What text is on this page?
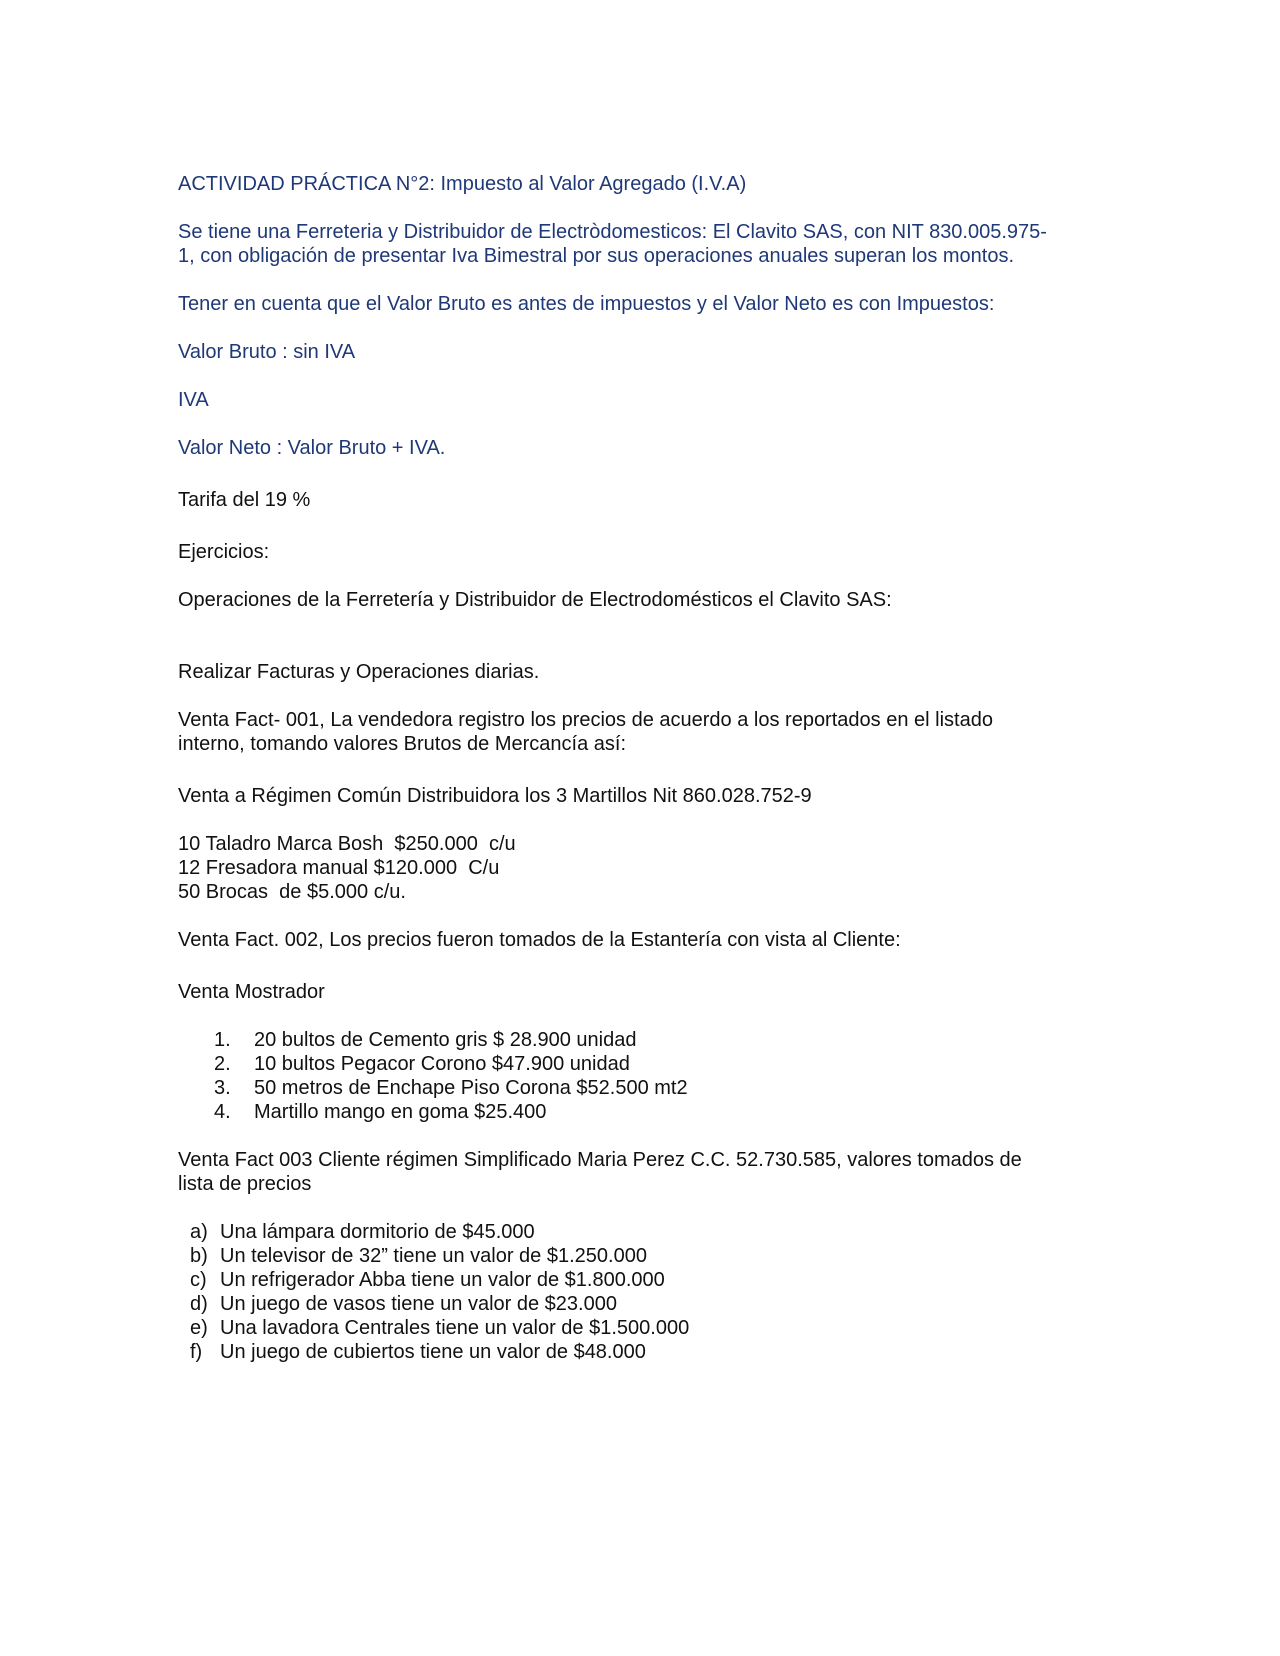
ACTIVIDAD PRÁCTICA N°2: Impuesto al Valor Agregado (I.V.A)

Se tiene una Ferreteria y Distribuidor de Electròdomesticos: El Clavito SAS, con NIT 830.005.975-

1, con obligación de presentar Iva Bimestral por sus operaciones anuales superan los montos.

Tener en cuenta que el Valor Bruto es antes de impuestos y el Valor Neto es con Impuestos:

Valor Bruto : sin IVA

IVA

Valor Neto : Valor Bruto + IVA.

Tarifa del 19 %

Ejercicios:

Operaciones de la Ferretería y Distribuidor de Electrodomésticos el Clavito SAS:

Realizar Facturas y Operaciones diarias.

Venta Fact- 001, La vendedora registro los precios de acuerdo a los reportados en el listado

interno, tomando valores Brutos de Mercancía así:

Venta a Régimen Común Distribuidora los 3 Martillos Nit 860.028.752-9

10 Taladro Marca Bosh  $250.000  c/u

12 Fresadora manual $120.000  C/u

50 Brocas  de $5.000 c/u.

Venta Fact. 002, Los precios fueron tomados de la Estantería con vista al Cliente:

Venta Mostrador

1.	20 bultos de Cemento gris $ 28.900 unidad
2.	10 bultos Pegacor Corono $47.900 unidad
3.	50 metros de Enchape Piso Corona $52.500 mt2
4.	Martillo mango en goma $25.400

Venta Fact 003 Cliente régimen Simplificado Maria Perez C.C. 52.730.585, valores tomados de

lista de precios

a) Una lámpara dormitorio de $45.000
b) Un televisor de 32” tiene un valor de $1.250.000
c) Un refrigerador Abba tiene un valor de $1.800.000
d) Un juego de vasos tiene un valor de $23.000
e) Una lavadora Centrales tiene un valor de $1.500.000
f) Un juego de cubiertos tiene un valor de $48.000
